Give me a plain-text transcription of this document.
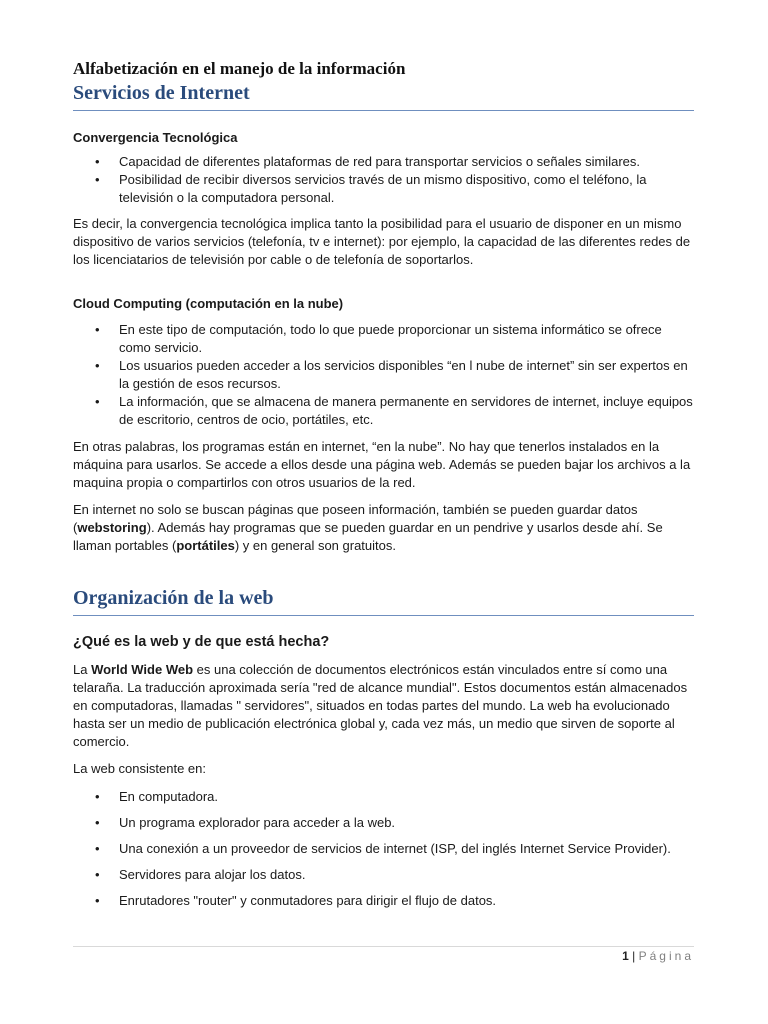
Alfabetización en el manejo de la información
Servicios de Internet
Convergencia Tecnológica
• Capacidad de diferentes plataformas de red para transportar servicios o señales similares.
• Posibilidad de recibir diversos servicios través de un mismo dispositivo, como el teléfono, la televisión o la computadora personal.

Es decir, la convergencia tecnológica implica tanto la posibilidad para el usuario de disponer en un mismo dispositivo de varios servicios (telefonía, tv e internet): por ejemplo, la capacidad de las diferentes redes de los licenciatarios de televisión por cable o de telefonía de soportarlos.

Cloud Computing (computación en la nube)
• En este tipo de computación, todo lo que puede proporcionar un sistema informático se ofrece como servicio.
• Los usuarios pueden acceder a los servicios disponibles “en l nube de internet” sin ser expertos en la gestión de esos recursos.
• La información, que se almacena de manera permanente en servidores de internet, incluye equipos de escritorio, centros de ocio, portátiles, etc.

En otras palabras, los programas están en internet, “en la nube”. No hay que tenerlos instalados en la máquina para usarlos. Se accede a ellos desde una página web. Además se pueden bajar los archivos a la maquina propia o compartirlos con otros usuarios de la red.

En internet no solo se buscan páginas que poseen información, también se pueden guardar datos (webstoring). Además hay programas que se pueden guardar en un pendrive y usarlos desde ahí. Se llaman portables (portátiles) y en general son gratuitos.

Organización de la web
¿Qué es la web y de que está hecha?

La World Wide Web es una colección de documentos electrónicos están vinculados entre sí como una telaraña. La traducción aproximada sería "red de alcance mundial". Estos documentos están almacenados en computadoras, llamadas " servidores", situados en todas partes del mundo. La web ha evolucionado hasta ser un medio de publicación electrónica global y, cada vez más, un medio que sirven de soporte al comercio.

La web consistente en:

• En computadora.
• Un programa explorador para acceder a la web.
• Una conexión a un proveedor de servicios de internet (ISP, del inglés Internet Service Provider).
• Servidores para alojar los datos.
• Enrutadores "router" y conmutadores para dirigir el flujo de datos.
1 | Página
